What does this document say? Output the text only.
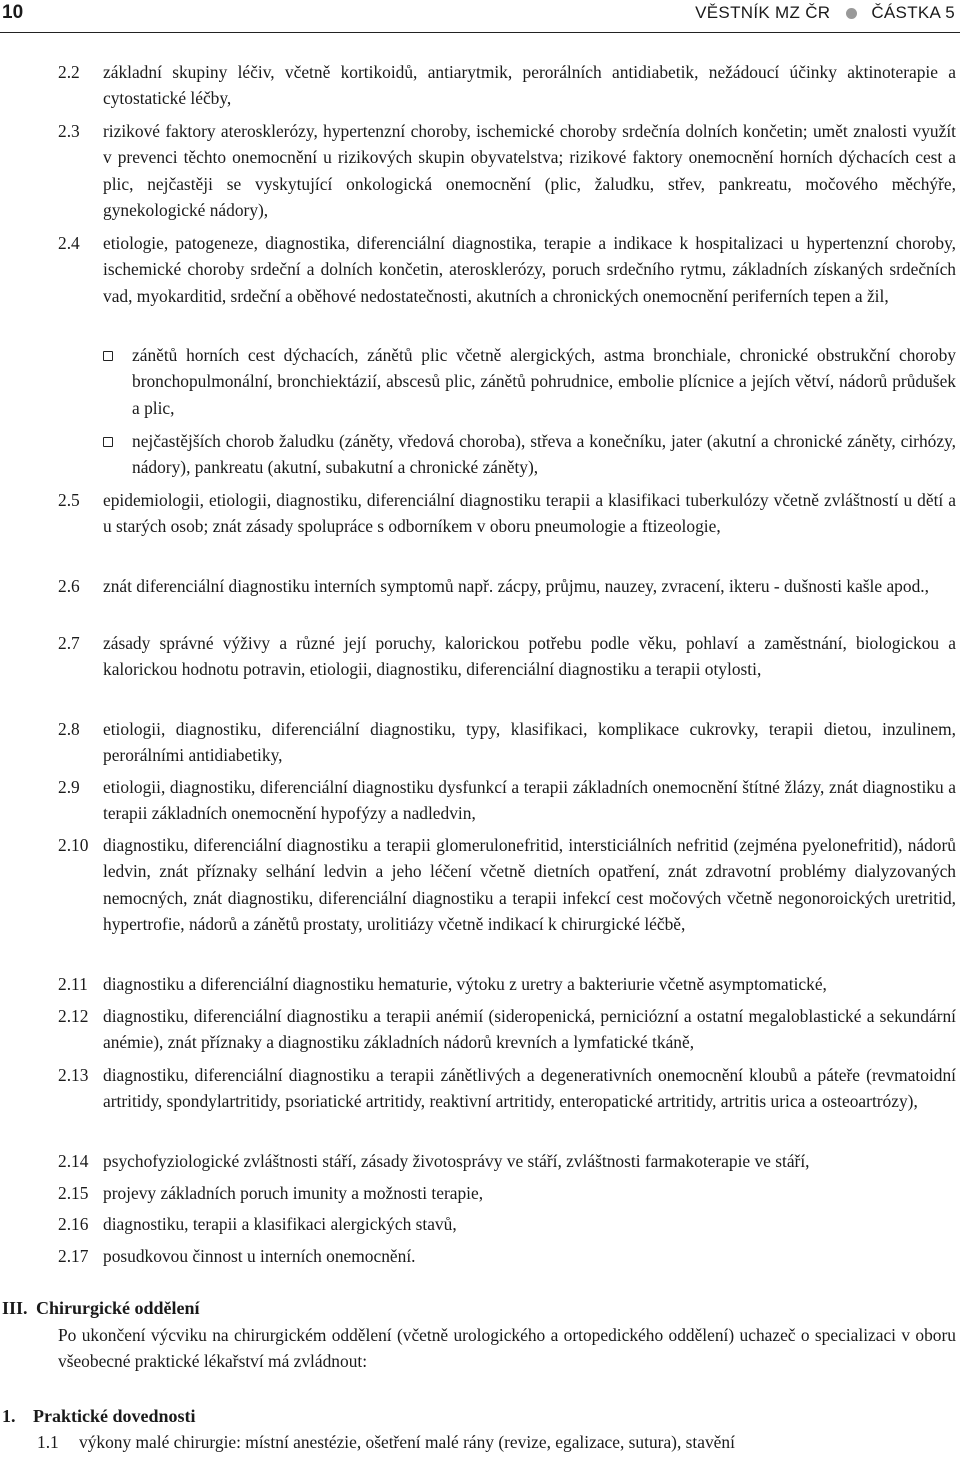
10	VĚSTNÍK MZ ČR ČÁSTKA 5
2.2	základní skupiny léčiv, včetně kortikoidů, antiarytmik, perorálních antidiabetik, nežádoucí účinky aktinoterapie a cytostatické léčby,
2.3	rizikové faktory aterosklerózy, hypertenzní choroby, ischemické choroby srdečnía dolních končetin; umět znalosti využít v prevenci těchto onemocnění u rizikových skupin obyvatelstva; rizikové faktory onemocnění horních dýchacích cest a plic, nejčastěji se vyskytující onkologická onemocnění (plic, žaludku, střev, pankreatu, močového měchýře, gynekologické nádory),
2.4	etiologie, patogeneze, diagnostika, diferenciální diagnostika, terapie a indikace k hospitalizaci u hypertenzní choroby, ischemické choroby srdeční a dolních končetin, aterosklerózy, poruch srdečního rytmu, základních získaných srdečních vad, myokarditid, srdeční a oběhové nedostatečnosti, akutních a chronických onemocnění periferních tepen a žil,
zánětů horních cest dýchacích, zánětů plic včetně alergických, astma bronchiale, chronické obstrukční choroby bronchopulmonální, bronchiektázií, abscesů plic, zánětů pohrudnice, embolie plícnice a jejích větví, nádorů průdušek a plic,
nejčastějších chorob žaludku (záněty, vředová choroba), střeva a konečníku, jater (akutní a chronické záněty, cirhózy, nádory), pankreatu (akutní, subakutní a chronické záněty),
2.5	epidemiologii, etiologii, diagnostiku, diferenciální diagnostiku terapii a klasifikaci tuberkulózy včetně zvláštností u dětí a u starých osob; znát zásady spolupráce s odborníkem v oboru pneumologie a ftizeologie,
2.6	znát diferenciální diagnostiku interních symptomů např. zácpy, průjmu, nauzey, zvracení, ikteru - dušnosti kašle apod.,
2.7	zásady správné výživy a různé její poruchy, kalorickou potřebu podle věku, pohlaví a zaměstnání, biologickou a kalorickou hodnotu potravin, etiologii, diagnostiku, diferenciální diagnostiku a terapii otylosti,
2.8	etiologii, diagnostiku, diferenciální diagnostiku, typy, klasifikaci, komplikace cukrovky, terapii dietou, inzulinem, perorálními antidiabetiky,
2.9	etiologii, diagnostiku, diferenciální diagnostiku dysfunkcí a terapii základních onemocnění štítné žlázy, znát diagnostiku a terapii základních onemocnění hypofýzy a nadledvin,
2.10 diagnostiku, diferenciální diagnostiku a terapii glomerulonefritid, intersticiálních nefritid (zejména pyelonefritid), nádorů ledvin, znát příznaky selhání ledvin a jeho léčení včetně dietních opatření, znát zdravotní problémy dialyzovaných nemocných, znát diagnostiku, diferenciální diagnostiku a terapii infekcí cest močových včetně negonoroických uretritid, hypertrofie, nádorů a zánětů prostaty, urolitiázy včetně indikací k chirurgické léčbě,
2.11 diagnostiku a diferenciální diagnostiku hematurie, výtoku z uretry a bakteriurie včetně asymptomatické,
2.12 diagnostiku, diferenciální diagnostiku a terapii anémií (sideropenická, perniciózní a ostatní megaloblastické a sekundární anémie), znát příznaky a diagnostiku základních nádorů krevních a lymfatické tkáně,
2.13 diagnostiku, diferenciální diagnostiku a terapii zánětlivých a degenerativních onemocnění kloubů a páteře (revmatoidní artritidy, spondylartritidy, psoriatické artritidy, reaktivní artritidy, enteropatické artritidy, artritis urica a osteoartrózy),
2.14 psychofyziologické zvláštnosti stáří, zásady životosprávy ve stáří, zvláštnosti farmakoterapie ve stáří,
2.15 projevy základních poruch imunity a možnosti terapie,
2.16 diagnostiku, terapii a klasifikaci alergických stavů,
2.17 posudkovou činnost u interních onemocnění.
III. Chirurgické oddělení
Po ukončení výcviku na chirurgickém oddělení (včetně urologického a ortopedického oddělení) uchazeč o specializaci v oboru všeobecné praktické lékařství má zvládnout:
1. Praktické dovednosti
1.1 výkony malé chirurgie: místní anestézie, ošetření malé rány (revize, egalizace, sutura), stavění
